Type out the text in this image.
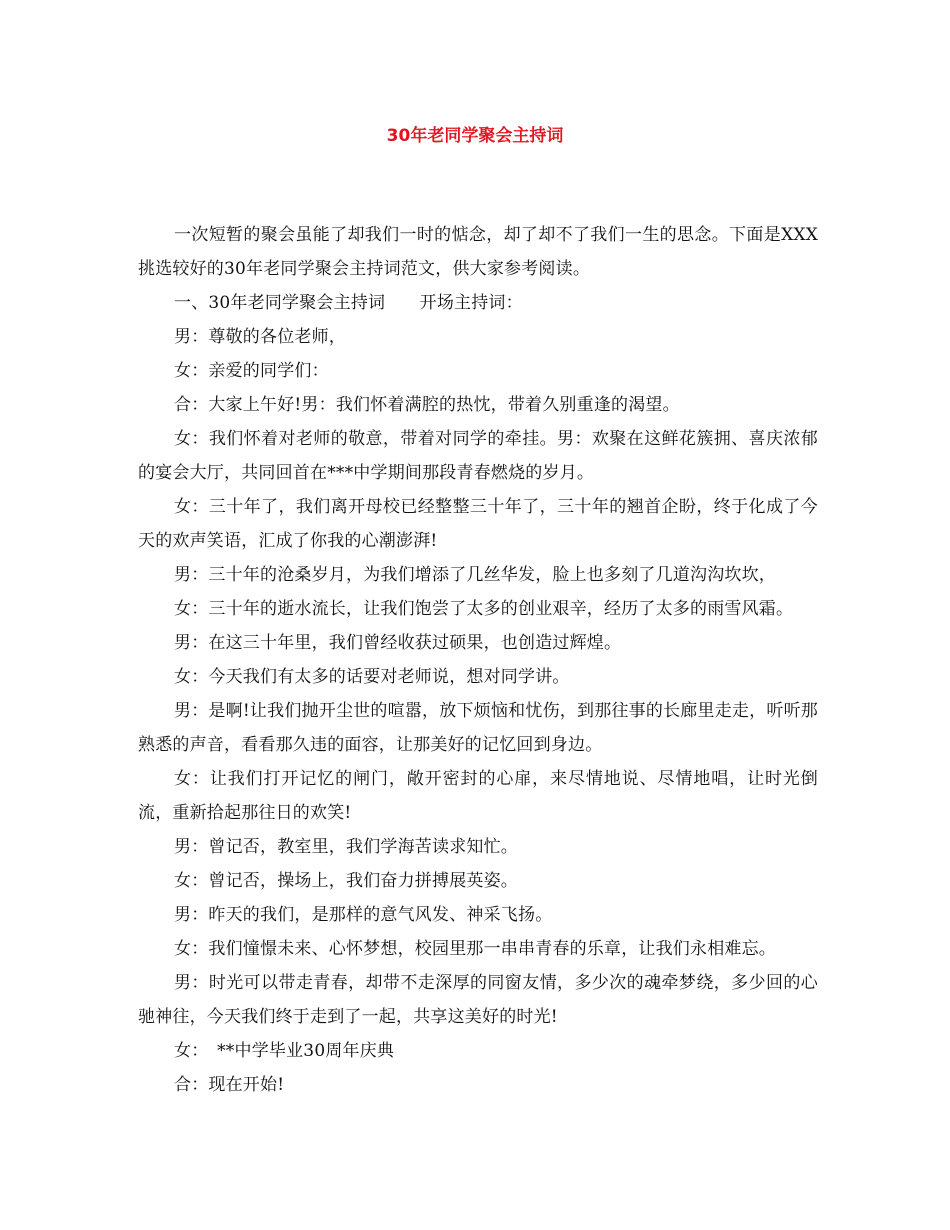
30年老同学聚会主持词

一次短暂的聚会虽能了却我们一时的惦念，却了却不了我们一生的思念。下面是XXX挑选较好的30年老同学聚会主持词范文，供大家参考阅读。

一、30年老同学聚会主持词　　开场主持词：

男：尊敬的各位老师，

女：亲爱的同学们：

合：大家上午好!男：我们怀着满腔的热忱，带着久别重逢的渴望。

女：我们怀着对老师的敬意，带着对同学的牵挂。男：欢聚在这鲜花簇拥、喜庆浓郁的宴会大厅，共同回首在***中学期间那段青春燃烧的岁月。

女：三十年了，我们离开母校已经整整三十年了，三十年的翘首企盼，终于化成了今天的欢声笑语，汇成了你我的心潮澎湃!

男：三十年的沧桑岁月，为我们增添了几丝华发，脸上也多刻了几道沟沟坎坎，

女：三十年的逝水流长，让我们饱尝了太多的创业艰辛，经历了太多的雨雪风霜。

男：在这三十年里，我们曾经收获过硕果，也创造过辉煌。

女：今天我们有太多的话要对老师说，想对同学讲。

男：是啊!让我们抛开尘世的喧嚣，放下烦恼和忧伤，到那往事的长廊里走走，听听那熟悉的声音，看看那久违的面容，让那美好的记忆回到身边。

女：让我们打开记忆的闸门，敞开密封的心扉，来尽情地说、尽情地唱，让时光倒流，重新拾起那往日的欢笑!

男：曾记否，教室里，我们学海苦读求知忙。

女：曾记否，操场上，我们奋力拼搏展英姿。

男：昨天的我们，是那样的意气风发、神采飞扬。

女：我们憧憬未来、心怀梦想，校园里那一串串青春的乐章，让我们永相难忘。

男：时光可以带走青春，却带不走深厚的同窗友情，多少次的魂牵梦绕，多少回的心驰神往，今天我们终于走到了一起，共享这美好的时光!

女：　**中学毕业30周年庆典

合：现在开始!
